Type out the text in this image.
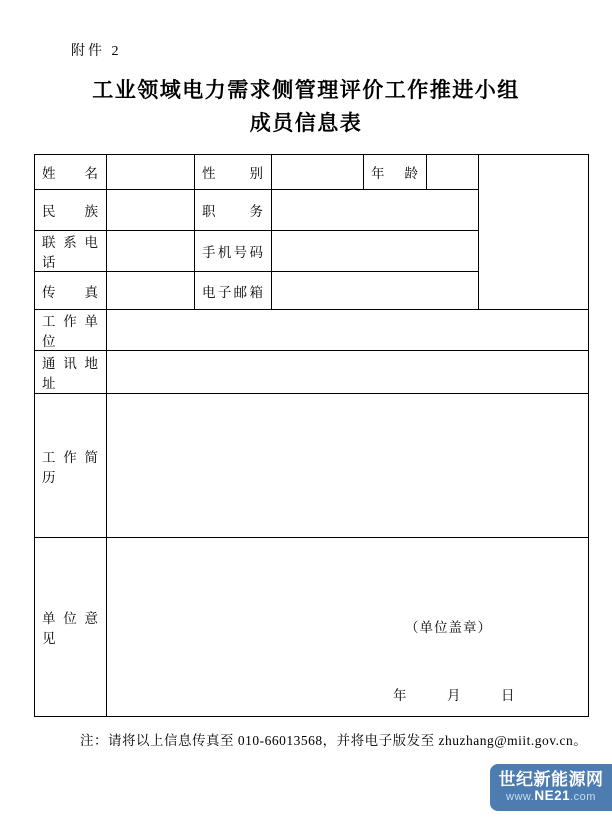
附件 2
工业领域电力需求侧管理评价工作推进小组
成员信息表
姓名		性别		年龄		

民族		职务				

联系电话		手机号码				

传真		电子邮箱				

工作单位						

通讯地址						

工作简历						

单位意见	（单位盖章）
年　　　月　　　日					
注：请将以上信息传真至 010-66013568，并将电子版发至 zhuzhang@miit.gov.cn。
世纪新能源网
www.NE21.com
